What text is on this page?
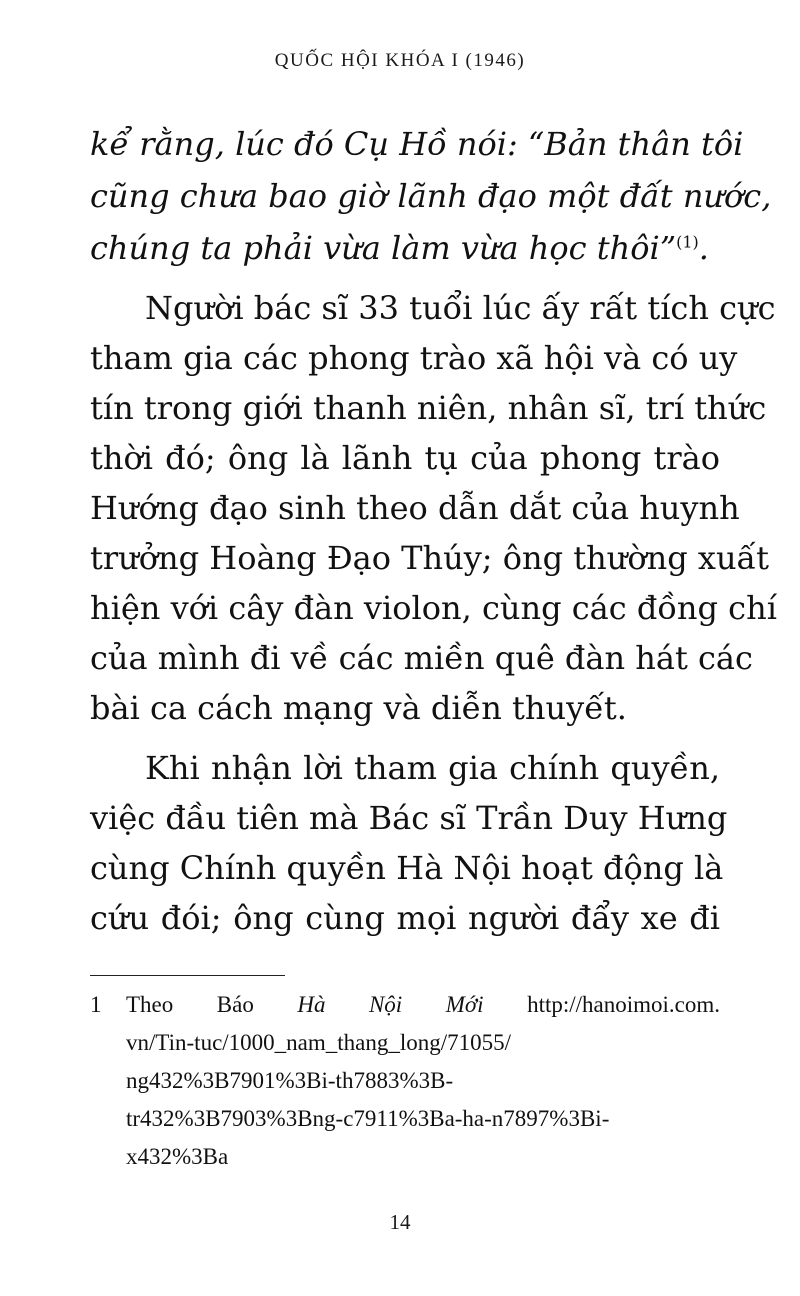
QUỐC HỘI KHÓA I (1946)
kể rằng, lúc đó Cụ Hồ nói: “Bản thân tôi
cũng chưa bao giờ lãnh đạo một đất nước,
chúng ta phải vừa làm vừa học thôi”$^{(1)}$.
Người bác sĩ 33 tuổi lúc ấy rất tích cực
tham gia các phong trào xã hội và có uy
tín trong giới thanh niên, nhân sĩ, trí thức
thời đó; ông là lãnh tụ của phong trào
Hướng đạo sinh theo dẫn dắt của huynh
trưởng Hoàng Đạo Thúy; ông thường xuất
hiện với cây đàn violon, cùng các đồng chí
của mình đi về các miền quê đàn hát các
bài ca cách mạng và diễn thuyết.
Khi nhận lời tham gia chính quyền,
việc đầu tiên mà Bác sĩ Trần Duy Hưng
cùng Chính quyền Hà Nội hoạt động là
cứu đói; ông cùng mọi người đẩy xe đi
1 Theo Báo Hà Nội Mới http://hanoimoi.com.
vn/Tin-tuc/1000_nam_thang_long/71055/
ng432%3B7901%3Bi-th7883%3B-
tr432%3B7903%3Bng-c7911%3Ba-ha-n7897%3Bi-
x432%3Ba
14
